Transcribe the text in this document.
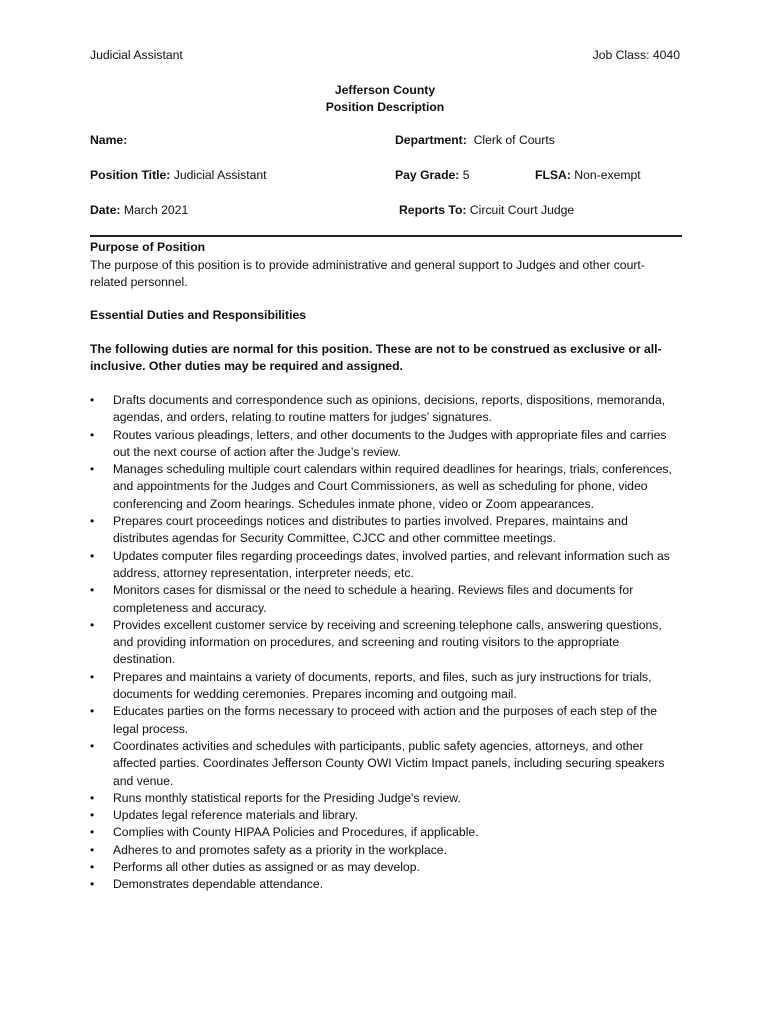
Judicial Assistant	Job Class: 4040
Jefferson County
Position Description
Name:	Department: Clerk of Courts
Position Title: Judicial Assistant	Pay Grade: 5	FLSA: Non-exempt
Date: March 2021	Reports To: Circuit Court Judge
Purpose of Position
The purpose of this position is to provide administrative and general support to Judges and other court-related personnel.
Essential Duties and Responsibilities
The following duties are normal for this position. These are not to be construed as exclusive or all-inclusive. Other duties may be required and assigned.
• Drafts documents and correspondence such as opinions, decisions, reports, dispositions, memoranda, agendas, and orders, relating to routine matters for judges’ signatures.
• Routes various pleadings, letters, and other documents to the Judges with appropriate files and carries out the next course of action after the Judge’s review.
• Manages scheduling multiple court calendars within required deadlines for hearings, trials, conferences, and appointments for the Judges and Court Commissioners, as well as scheduling for phone, video conferencing and Zoom hearings. Schedules inmate phone, video or Zoom appearances.
• Prepares court proceedings notices and distributes to parties involved. Prepares, maintains and distributes agendas for Security Committee, CJCC and other committee meetings.
• Updates computer files regarding proceedings dates, involved parties, and relevant information such as address, attorney representation, interpreter needs, etc.
• Monitors cases for dismissal or the need to schedule a hearing. Reviews files and documents for completeness and accuracy.
• Provides excellent customer service by receiving and screening telephone calls, answering questions, and providing information on procedures, and screening and routing visitors to the appropriate destination.
• Prepares and maintains a variety of documents, reports, and files, such as jury instructions for trials, documents for wedding ceremonies. Prepares incoming and outgoing mail.
• Educates parties on the forms necessary to proceed with action and the purposes of each step of the legal process.
• Coordinates activities and schedules with participants, public safety agencies, attorneys, and other affected parties. Coordinates Jefferson County OWI Victim Impact panels, including securing speakers and venue.
• Runs monthly statistical reports for the Presiding Judge's review.
• Updates legal reference materials and library.
• Complies with County HIPAA Policies and Procedures, if applicable.
• Adheres to and promotes safety as a priority in the workplace.
• Performs all other duties as assigned or as may develop.
• Demonstrates dependable attendance.
